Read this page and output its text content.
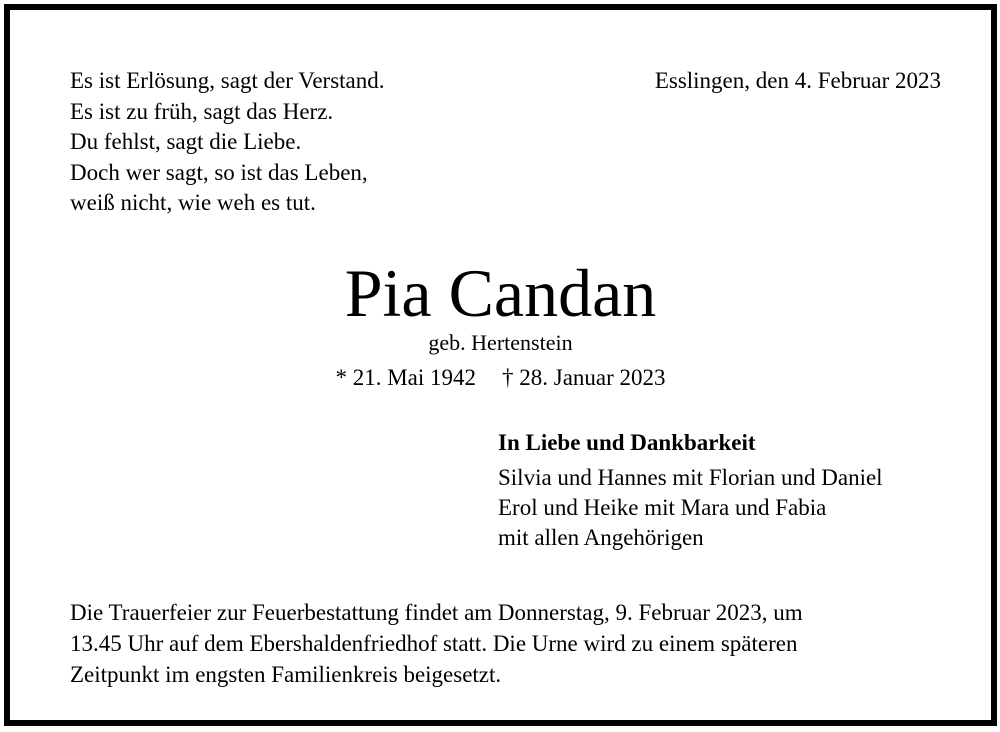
Es ist Erlösung, sagt der Verstand.
Es ist zu früh, sagt das Herz.
Du fehlst, sagt die Liebe.
Doch wer sagt, so ist das Leben,
weiß nicht, wie weh es tut.
Esslingen, den 4. Februar 2023
Pia Candan
geb. Hertenstein
* 21. Mai 1942 † 28. Januar 2023
In Liebe und Dankbarkeit
Silvia und Hannes mit Florian und Daniel
Erol und Heike mit Mara und Fabia
mit allen Angehörigen
Die Trauerfeier zur Feuerbestattung findet am Donnerstag, 9. Februar 2023, um
13.45 Uhr auf dem Ebershaldenfriedhof statt. Die Urne wird zu einem späteren
Zeitpunkt im engsten Familienkreis beigesetzt.
